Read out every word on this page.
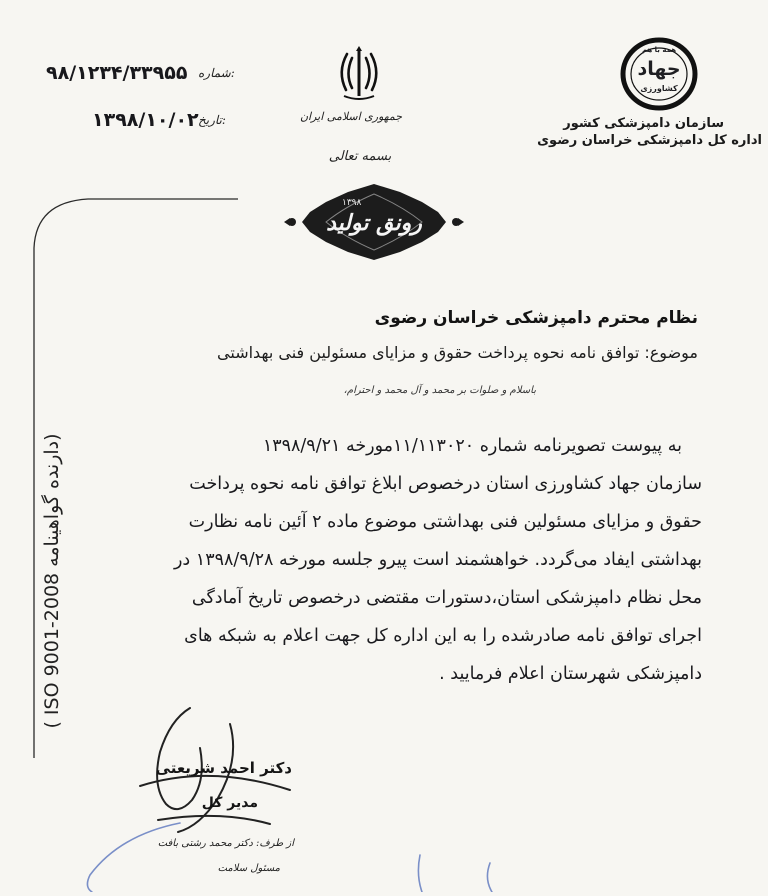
۹۸/۱۲۳۴/۳۳۹۵۵ شماره:
۱۳۹۸/۱۰/۰۲ تاریخ:	جمهوری اسلامی ایران
بسمه تعالی
رونق تولید
۱۳۹۸
همه با هم
جهاد
کشاورزی
سازمان دامپزشکی کشور
اداره کل دامپزشکی خراسان رضوی
( ISO 9001-2008 دارنده گواهینامه)
نظام محترم دامپزشکی خراسان رضوی
موضوع: توافق نامه نحوه پرداخت حقوق و مزایای مسئولین فنی بهداشتی
باسلام و صلوات بر محمد و آل محمد و احترام،
به پیوست تصویرنامه شماره ۱۱/۱۱۳۰۲۰مورخه ۱۳۹۸/۹/۲۱
سازمان جهاد کشاورزی استان درخصوص ابلاغ توافق نامه نحوه پرداخت
حقوق و مزایای مسئولین فنی بهداشتی موضوع ماده ۲ آئین نامه نظارت
بهداشتی ایفاد می‌گردد. خواهشمند است پیرو جلسه مورخه ۱۳۹۸/۹/۲۸ در
محل نظام دامپزشکی استان،دستورات مقتضی درخصوص تاریخ آمادگی
اجرای توافق نامه صادرشده را به این اداره کل جهت اعلام به شبکه های
دامپزشکی شهرستان اعلام فرمایید .
دکتر احمد شریعتی
مدیر کل
از طرف: دکتر محمد رشتی بافت
مسئول سلامت
